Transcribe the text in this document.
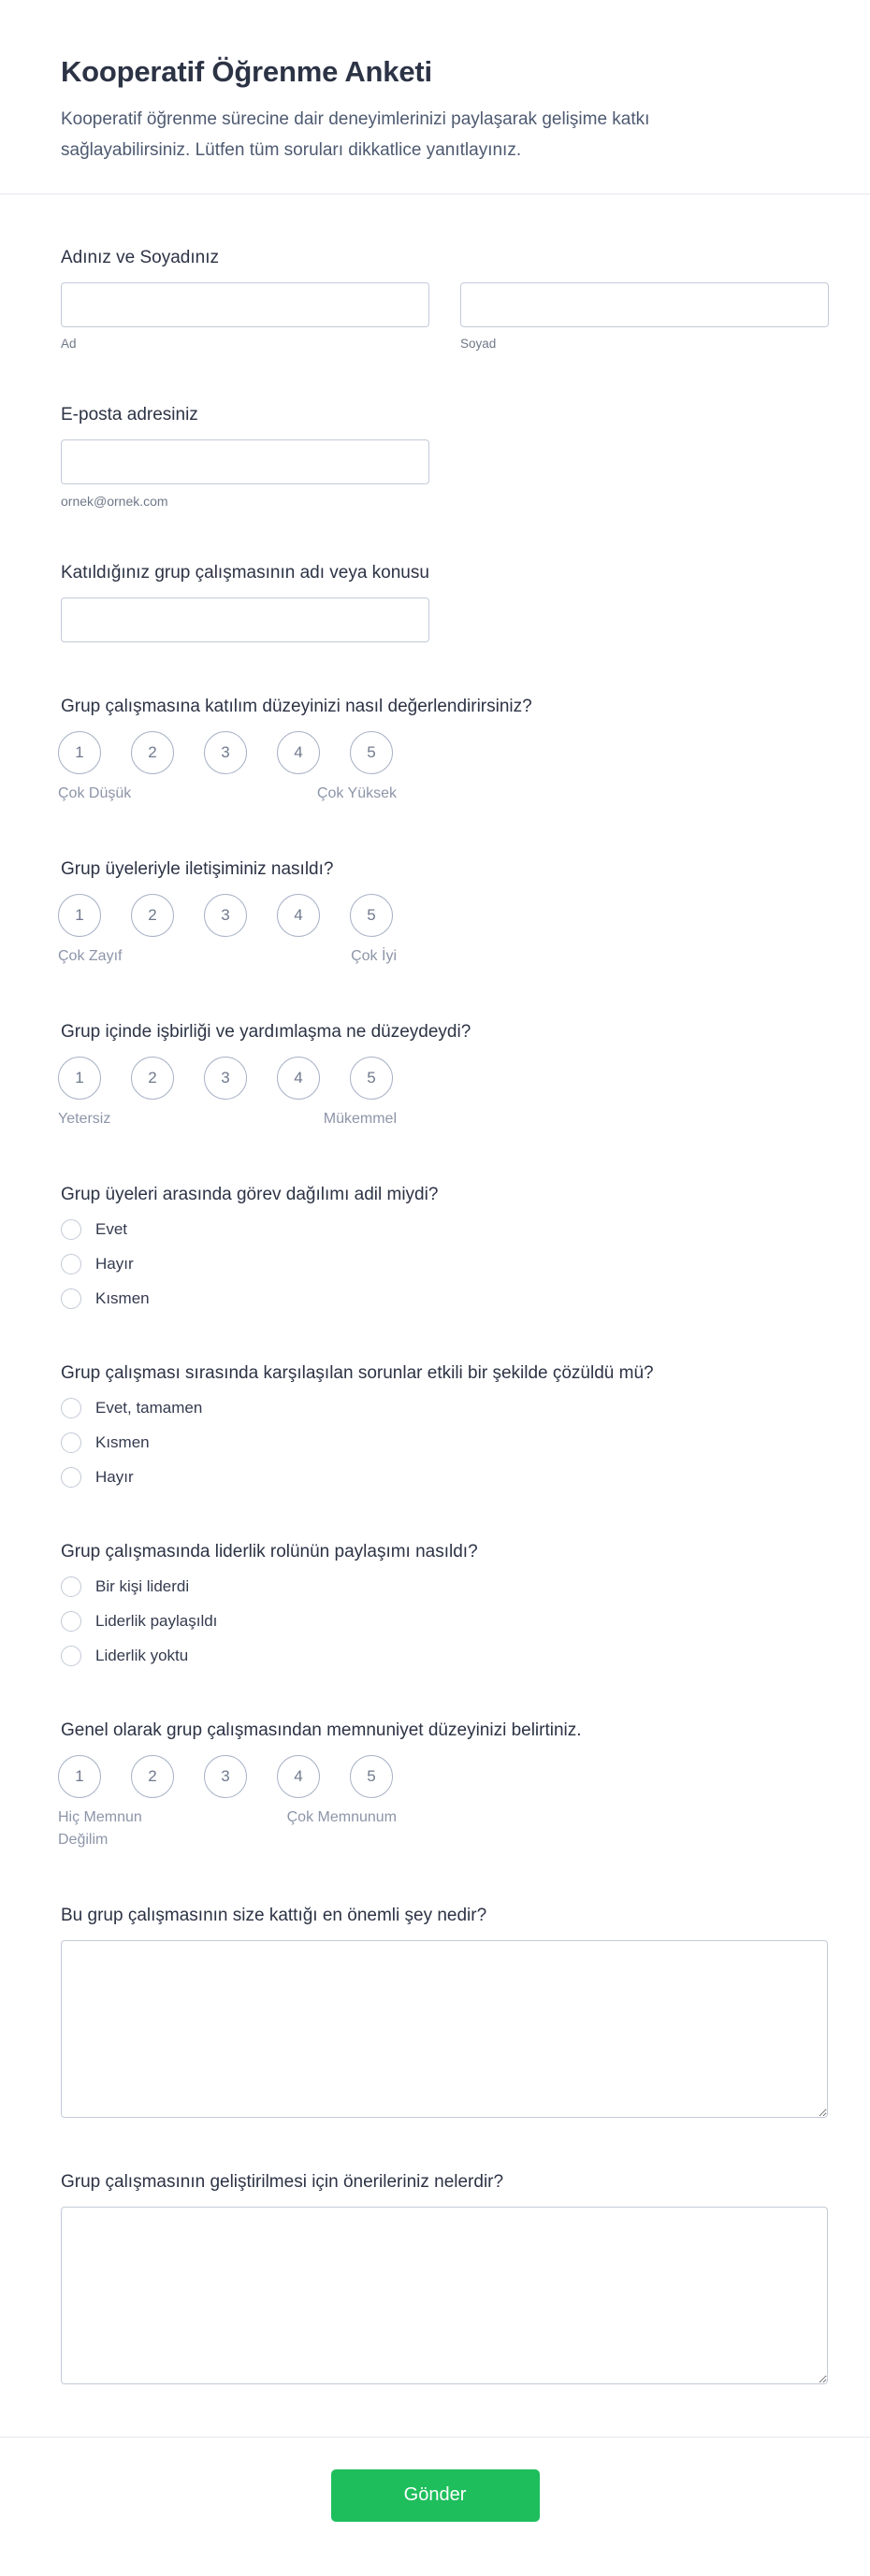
Kooperatif Öğrenme Anketi

Kooperatif öğrenme sürecine dair deneyimlerinizi paylaşarak gelişime katkı sağlayabilirsiniz. Lütfen tüm soruları dikkatlice yanıtlayınız.

Adınız ve Soyadınız
Ad	Soyad
E-posta adresiniz
ornek@ornek.com
Katıldığınız grup çalışmasının adı veya konusu
Grup çalışmasına katılım düzeyinizi nasıl değerlendirirsiniz?
1	2	3	4	5
Çok Düşük	Çok Yüksek
Grup üyeleriyle iletişiminiz nasıldı?
1	2	3	4	5
Çok Zayıf	Çok İyi
Grup içinde işbirliği ve yardımlaşma ne düzeydeydi?
1	2	3	4	5
Yetersiz	Mükemmel
Grup üyeleri arasında görev dağılımı adil miydi?
Evet
Hayır
Kısmen
Grup çalışması sırasında karşılaşılan sorunlar etkili bir şekilde çözüldü mü?
Evet, tamamen
Kısmen
Hayır
Grup çalışmasında liderlik rolünün paylaşımı nasıldı?
Bir kişi liderdi
Liderlik paylaşıldı
Liderlik yoktu
Genel olarak grup çalışmasından memnuniyet düzeyinizi belirtiniz.
1	2	3	4	5
Hiç Memnun Değilim
Çok Memnunum
Bu grup çalışmasının size kattığı en önemli şey nedir?
Grup çalışmasının geliştirilmesi için önerileriniz nelerdir?
Gönder
